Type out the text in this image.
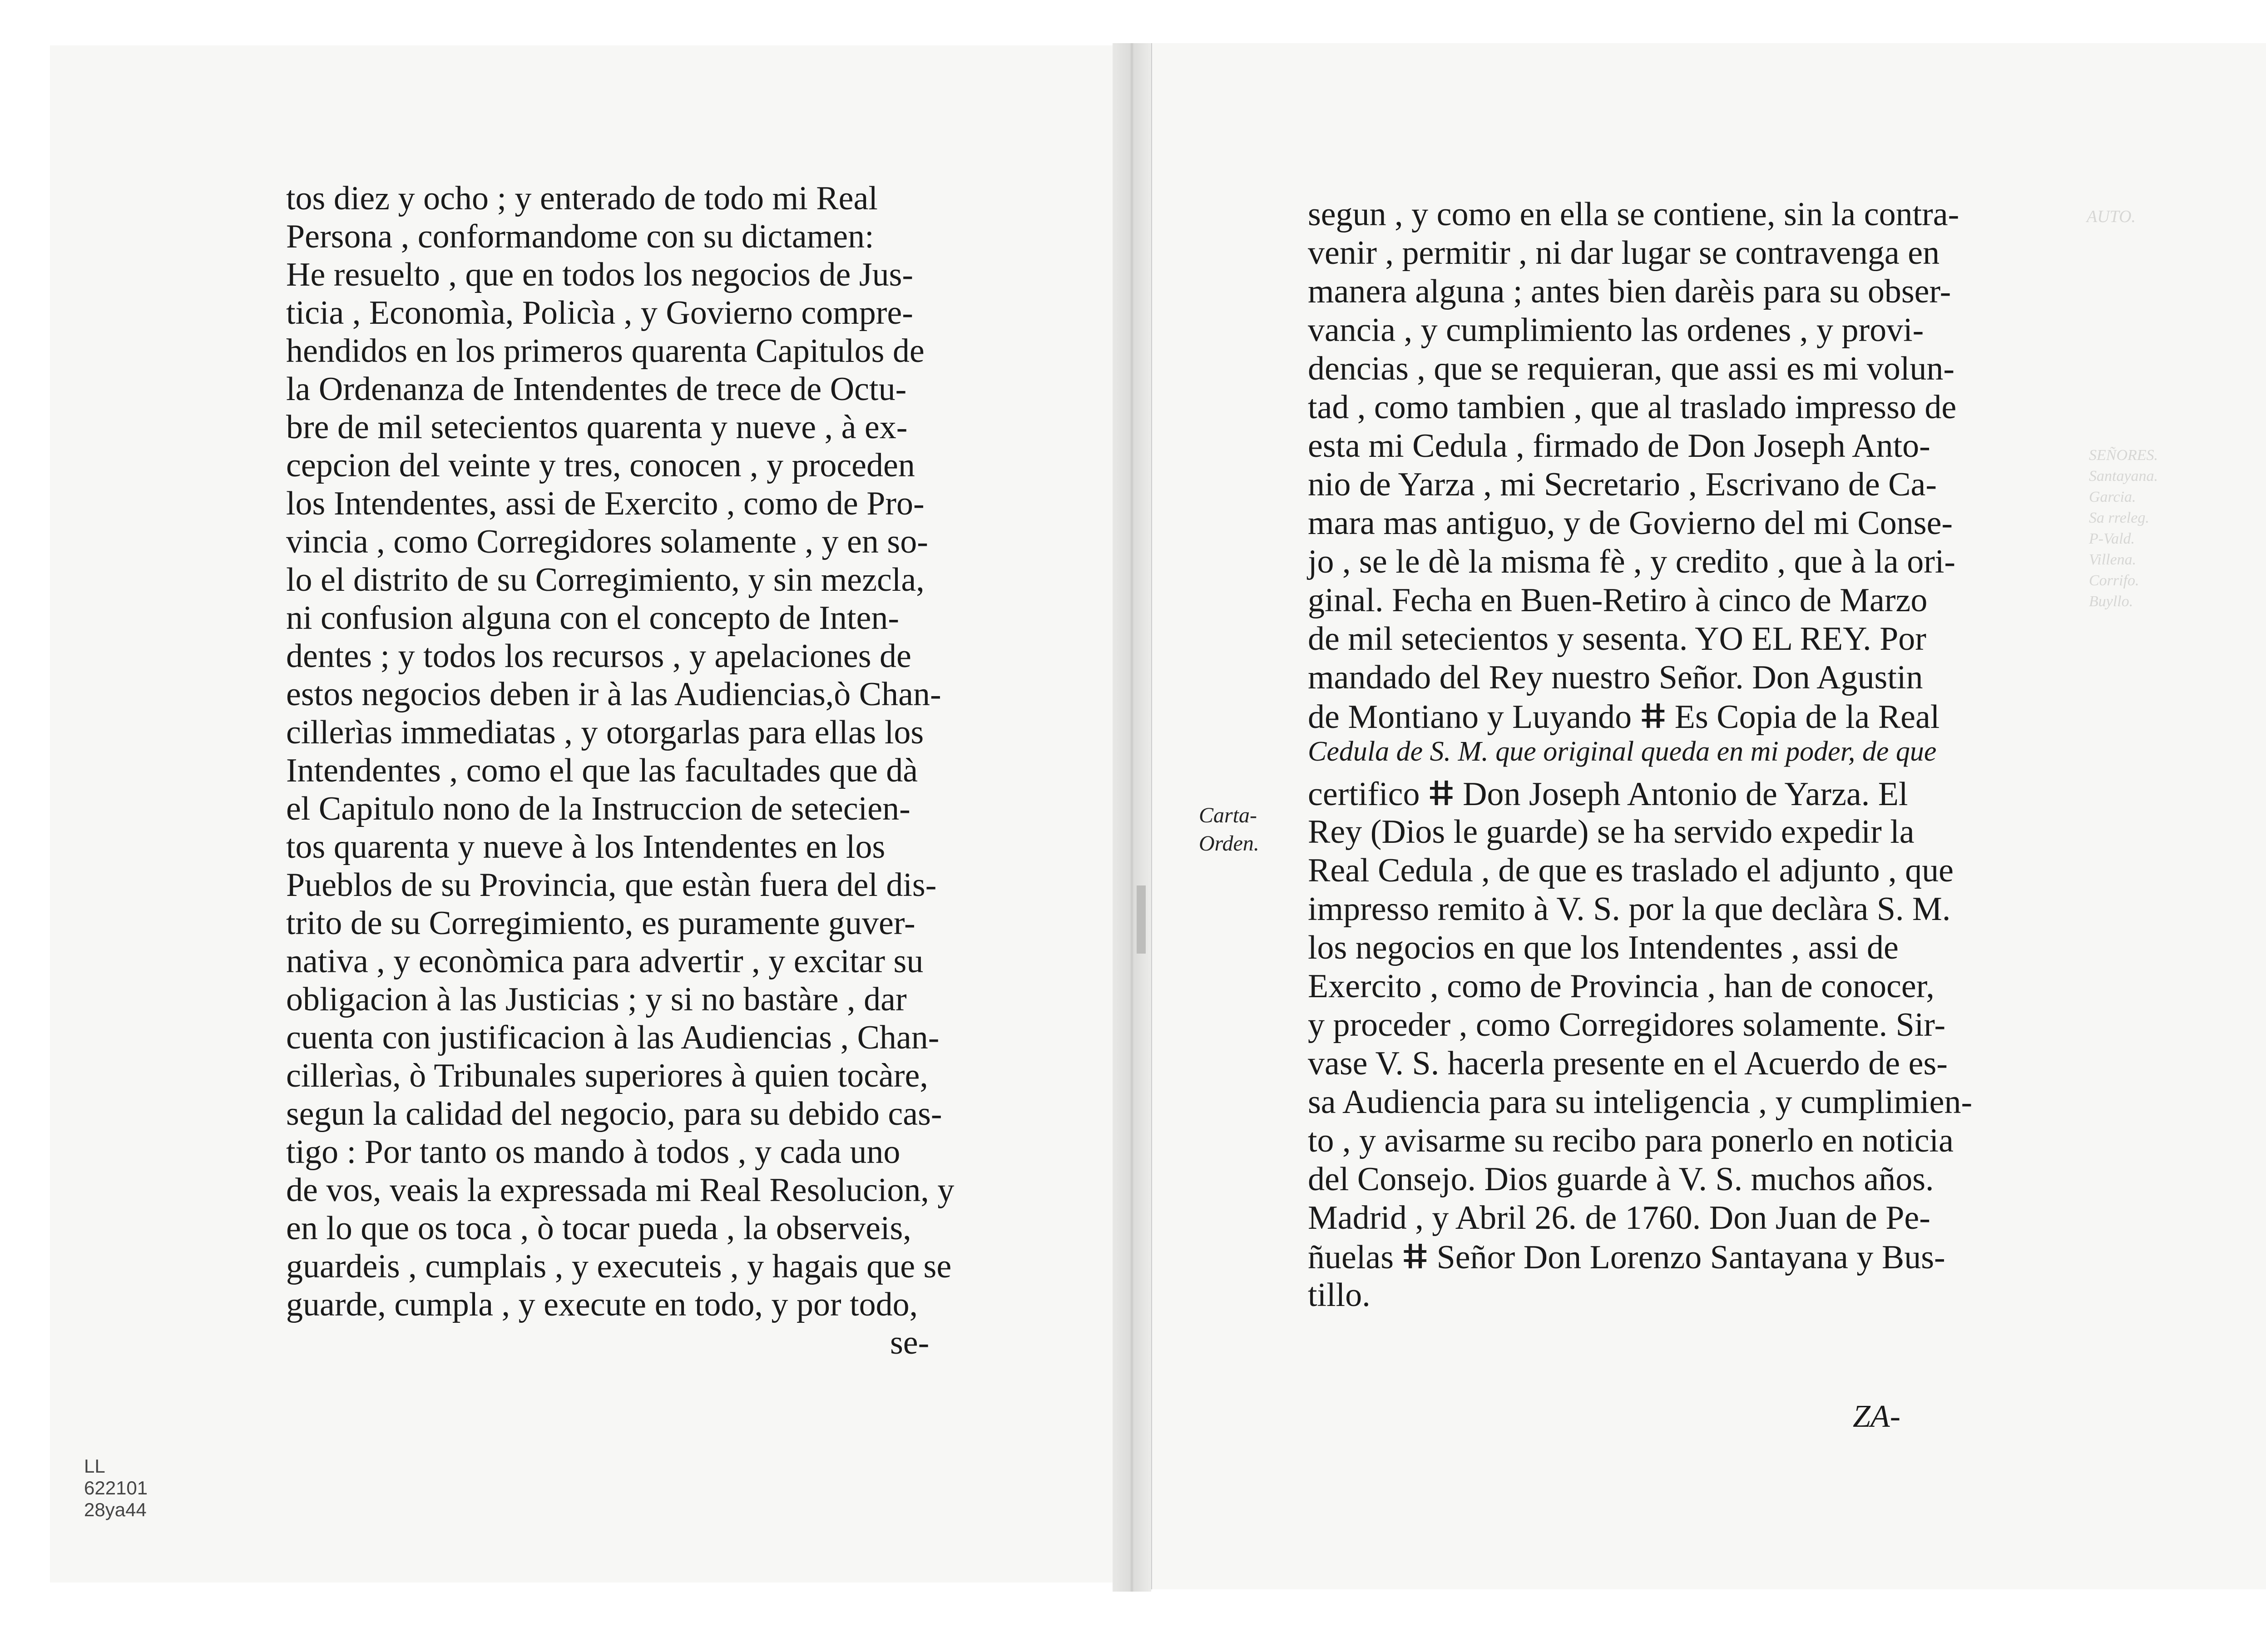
AUTO.
SEÑORES.
Santayana.
Garcia.
Sa rreleg.
P-Vald.
Villena.
Corrifo.
Buyllo.
tos diez y ocho ; y enterado de todo mi Real
Persona , conformandome con su dictamen:
He resuelto , que en todos los negocios de Jus-
ticia , Economìa, Policìa , y Govierno compre-
hendidos en los primeros quarenta Capitulos de
la Ordenanza de Intendentes de trece de Octu-
bre de mil setecientos quarenta y nueve , à ex-
cepcion del veinte y tres, conocen , y proceden
los Intendentes, assi de Exercito , como de Pro-
vincia , como Corregidores solamente , y en so-
lo el distrito de su Corregimiento, y sin mezcla,
ni confusion alguna con el concepto de Inten-
dentes ; y todos los recursos , y apelaciones de
estos negocios deben ir à las Audiencias,ò Chan-
cillerìas immediatas , y otorgarlas para ellas los
Intendentes , como el que las facultades que dà
el Capitulo nono de la Instruccion de setecien-
tos quarenta y nueve à los Intendentes en los
Pueblos de su Provincia, que estàn fuera del dis-
trito de su Corregimiento, es puramente guver-
nativa , y econòmica para advertir , y excitar su
obligacion à las Justicias ; y si no bastàre , dar
cuenta con justificacion à las Audiencias , Chan-
cillerìas, ò Tribunales superiores à quien tocàre,
segun la calidad del negocio, para su debido cas-
tigo : Por tanto os mando à todos , y cada uno
de vos, veais la expressada mi Real Resolucion, y
en lo que os toca , ò tocar pueda , la observeis,
guardeis , cumplais , y executeis , y hagais que se
guarde, cumpla , y execute en todo, y por todo,
se-
LL
622101
28ya44
segun , y como en ella se contiene, sin la contra-
venir , permitir , ni dar lugar se contravenga en
manera alguna ; antes bien darèis para su obser-
vancia , y cumplimiento las ordenes , y provi-
dencias , que se requieran, que assi es mi volun-
tad , como tambien , que al traslado impresso de
esta mi Cedula , firmado de Don Joseph Anto-
nio de Yarza , mi Secretario , Escrivano de Ca-
mara mas antiguo, y de Govierno del mi Conse-
jo , se le dè la misma fè , y credito , que à la ori-
ginal. Fecha en Buen-Retiro à cinco de Marzo
de mil setecientos y sesenta. YO EL REY. Por
mandado del Rey nuestro Señor. Don Agustin
de Montiano y Luyando ⵌ Es Copia de la Real
Cedula de S. M. que original queda en mi poder, de que
certifico ⵌ Don Joseph Antonio de Yarza. El
Rey (Dios le guarde) se ha servido expedir la
Real Cedula , de que es traslado el adjunto , que
impresso remito à V. S. por la que declàra S. M.
los negocios en que los Intendentes , assi de
Exercito , como de Provincia , han de conocer,
y proceder , como Corregidores solamente. Sir-
vase V. S. hacerla presente en el Acuerdo de es-
sa Audiencia para su inteligencia , y cumplimien-
to , y avisarme su recibo para ponerlo en noticia
del Consejo. Dios guarde à V. S. muchos años.
Madrid , y Abril 26. de 1760. Don Juan de Pe-
ñuelas ⵌ Señor Don Lorenzo Santayana y Bus-
tillo.
Carta-
Orden.
ZA-
